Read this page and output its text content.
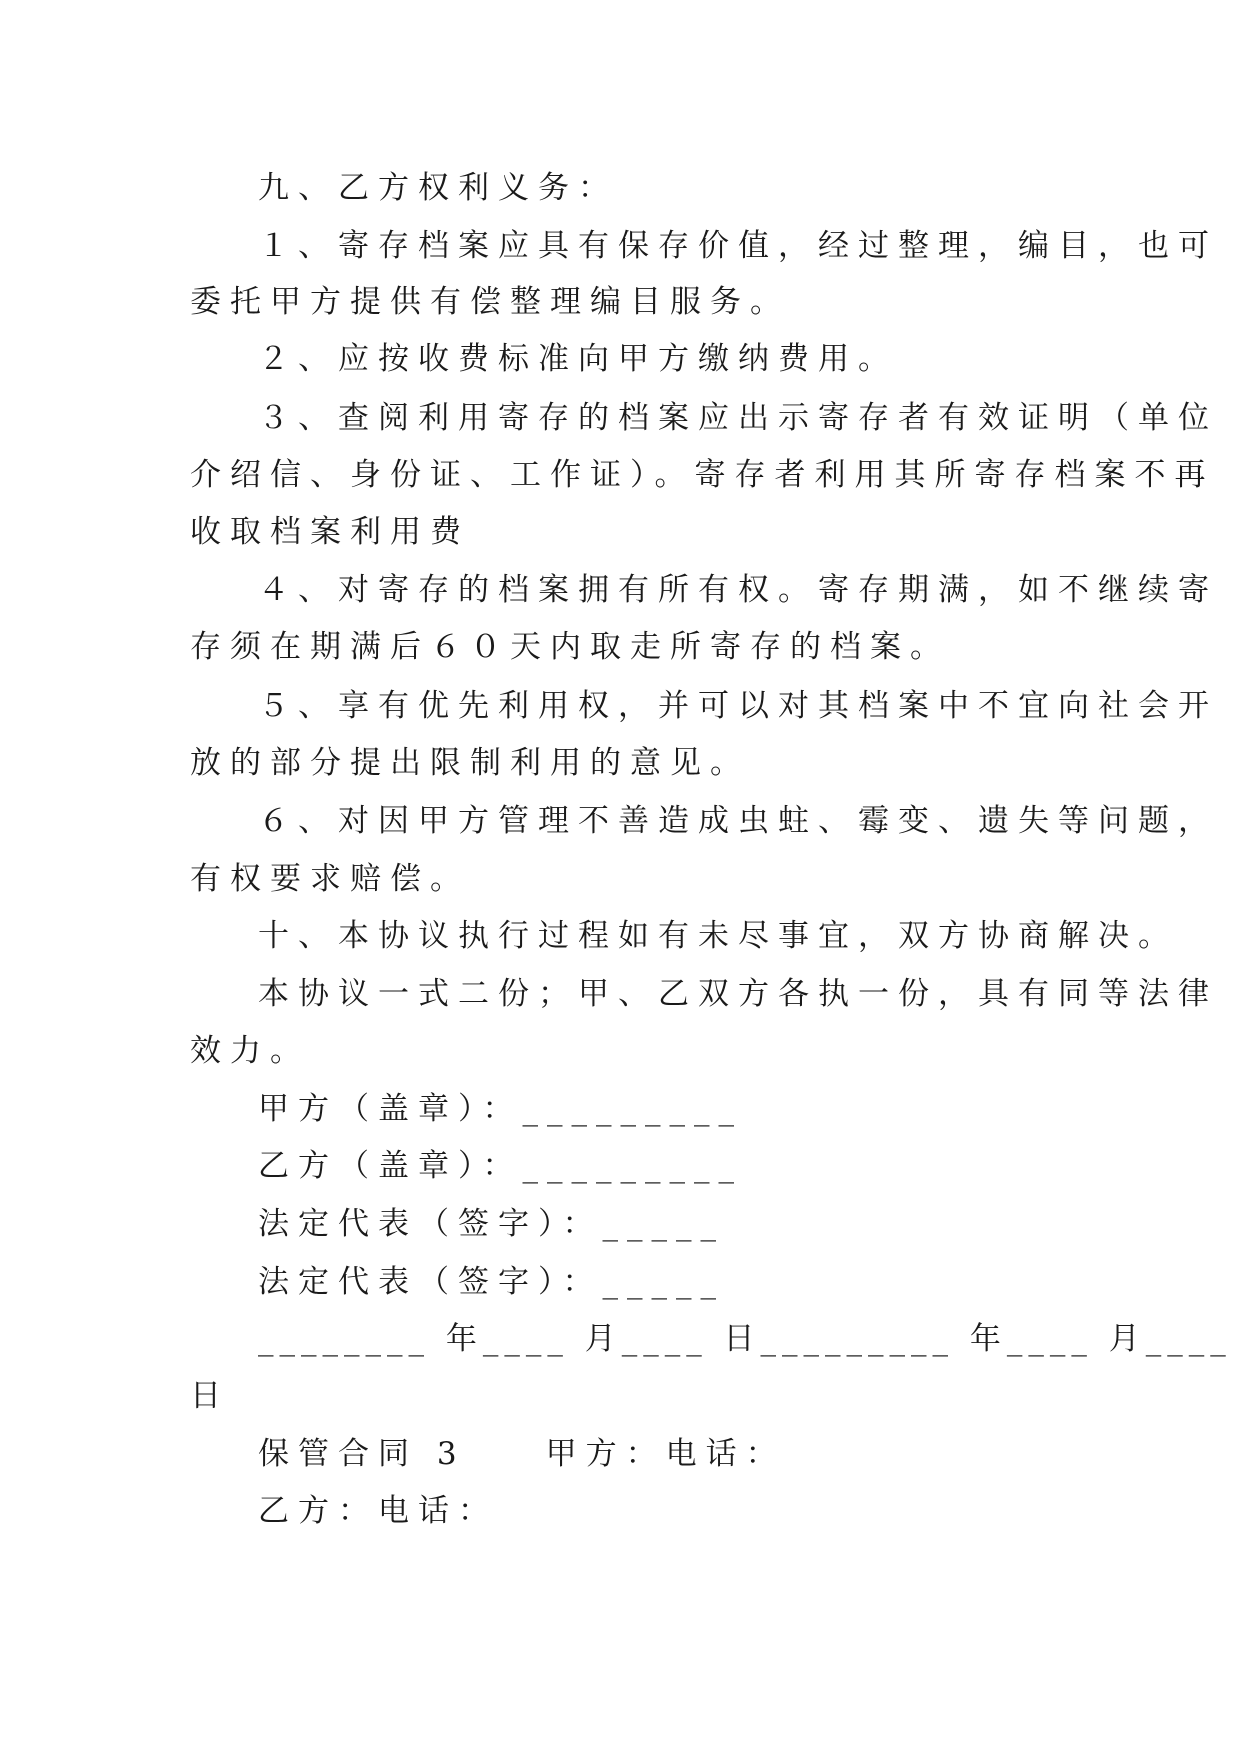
九、乙方权利义务：
１、寄存档案应具有保存价值，经过整理，编目，也可
委托甲方提供有偿整理编目服务。
２、应按收费标准向甲方缴纳费用。
３、查阅利用寄存的档案应出示寄存者有效证明（单位
介绍信、身份证、工作证）。寄存者利用其所寄存档案不再
收取档案利用费
４、对寄存的档案拥有所有权。寄存期满，如不继续寄
存须在期满后６０天内取走所寄存的档案。
５、享有优先利用权，并可以对其档案中不宜向社会开
放的部分提出限制利用的意见。
６、对因甲方管理不善造成虫蛀、霉变、遗失等问题，
有权要求赔偿。
十、本协议执行过程如有未尽事宜，双方协商解决。
本协议一式二份；甲、乙双方各执一份，具有同等法律
效力。
甲方（盖章）：_________
乙方（盖章）：_________
法定代表（签字）：_____
法定代表（签字）：_____
________ 年____ 月____ 日_________ 年____ 月____
日
保管合同 3　　甲方：电话：
乙方：电话：
